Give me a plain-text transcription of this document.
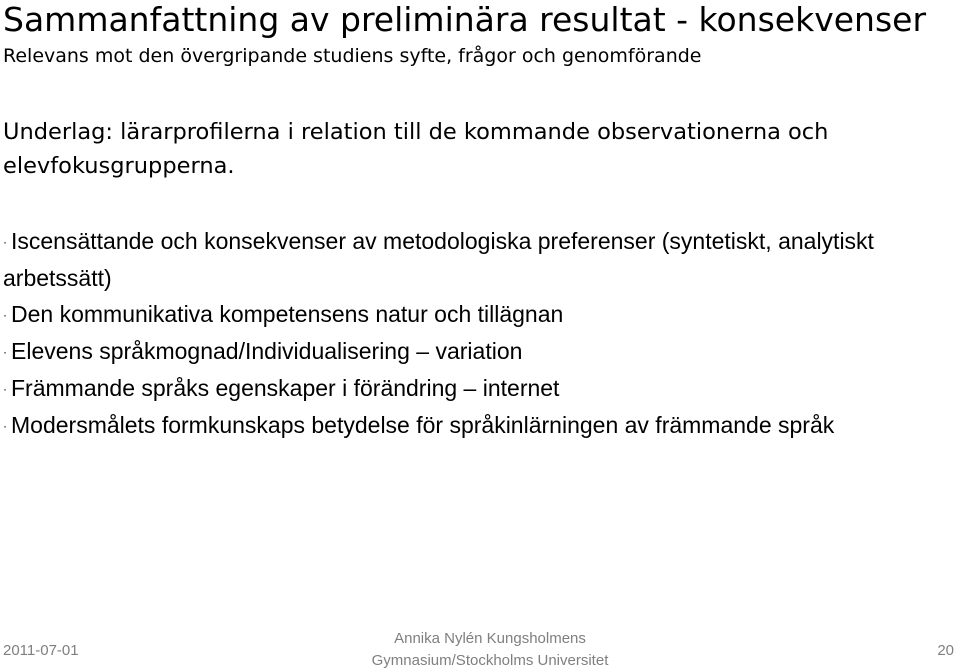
Sammanfattning av preliminära resultat - konsekvenser
Relevans mot den övergripande studiens syfte, frågor och genomförande
Underlag: lärarprofilerna i relation till de kommande observationerna och elevfokusgrupperna.
· Iscensättande och konsekvenser av metodologiska preferenser (syntetiskt, analytiskt arbetssätt)
· Den kommunikativa kompetensens natur och tillägnan
· Elevens språkmognad/Individualisering – variation
· Främmande språks egenskaper i förändring – internet
· Modersmålets formkunskaps betydelse för språkinlärningen av främmande språk
2011-07-01
Annika Nylén Kungsholmens
Gymnasium/Stockholms Universitet
20
